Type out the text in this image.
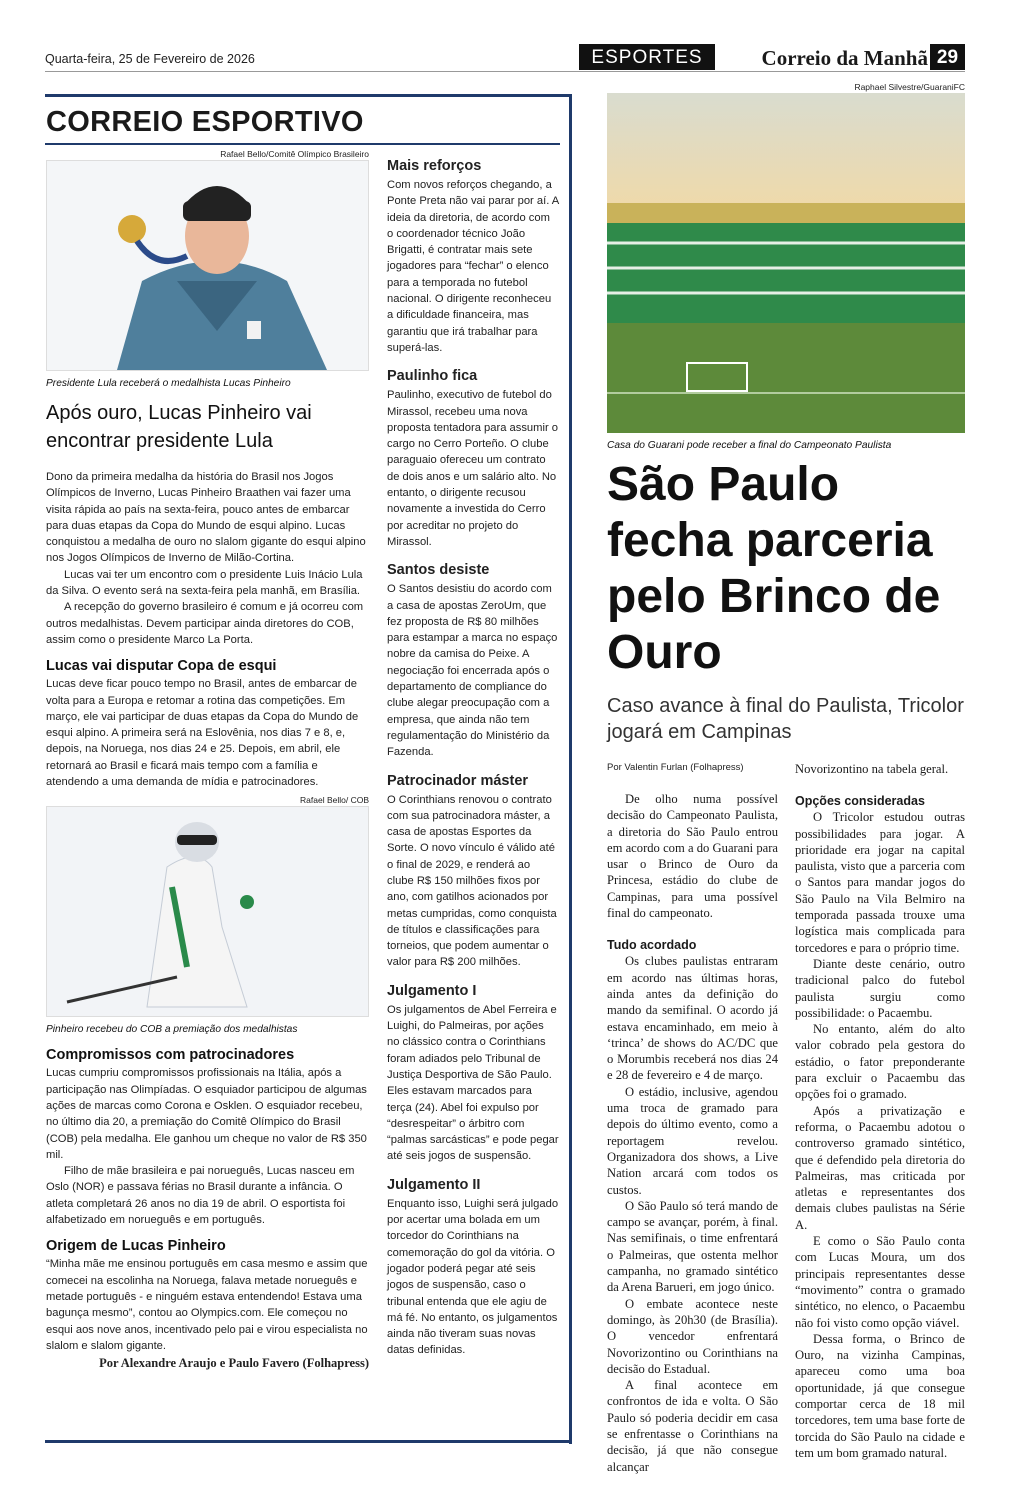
Quarta-feira, 25 de Fevereiro de 2026	ESPORTES	Correio da Manhã 29
CORREIO ESPORTIVO
Rafael Bello/Comitê Olímpico Brasileiro
Presidente Lula receberá o medalhista Lucas Pinheiro
Após ouro, Lucas Pinheiro vai encontrar presidente Lula

Dono da primeira medalha da história do Brasil nos Jogos Olímpicos de Inverno, Lucas Pinheiro Braathen vai fazer uma visita rápida ao país na sexta-feira, pouco antes de embarcar para duas etapas da Copa do Mundo de esqui alpino. Lucas conquistou a medalha de ouro no slalom gigante do esqui alpino nos Jogos Olímpicos de Inverno de Milão-Cortina.

Lucas vai ter um encontro com o presidente Luis Inácio Lula da Silva. O evento será na sexta-feira pela manhã, em Brasília.

A recepção do governo brasileiro é comum e já ocorreu com outros medalhistas. Devem participar ainda diretores do COB, assim como o presidente Marco La Porta.

Lucas vai disputar Copa de esqui

Lucas deve ficar pouco tempo no Brasil, antes de embarcar de volta para a Europa e retomar a rotina das competições. Em março, ele vai participar de duas etapas da Copa do Mundo de esqui alpino. A primeira será na Eslovênia, nos dias 7 e 8, e, depois, na Noruega, nos dias 24 e 25. Depois, em abril, ele retornará ao Brasil e ficará mais tempo com a família e atendendo a uma demanda de mídia e patrocinadores.

Rafael Bello/ COB
Pinheiro recebeu do COB a premiação dos medalhistas
Compromissos com patrocinadores

Lucas cumpriu compromissos profissionais na Itália, após a participação nas Olimpíadas. O esquiador participou de algumas ações de marcas como Corona e Osklen. O esquiador recebeu, no último dia 20, a premiação do Comitê Olímpico do Brasil (COB) pela medalha. Ele ganhou um cheque no valor de R$ 350 mil.

Filho de mãe brasileira e pai norueguês, Lucas nasceu em Oslo (NOR) e passava férias no Brasil durante a infância. O atleta completará 26 anos no dia 19 de abril. O esportista foi alfabetizado em norueguês e em português.

Origem de Lucas Pinheiro

“Minha mãe me ensinou português em casa mesmo e assim que comecei na escolinha na Noruega, falava metade norueguês e metade português - e ninguém estava entendendo! Estava uma bagunça mesmo”, contou ao Olympics.com. Ele começou no esqui aos nove anos, incentivado pelo pai e virou especialista no slalom e slalom gigante.

Por Alexandre Araujo e Paulo Favero (Folhapress)
Mais reforços

Com novos reforços chegando, a Ponte Preta não vai parar por aí. A ideia da diretoria, de acordo com o coordenador técnico João Brigatti, é contratar mais sete jogadores para “fechar” o elenco para a temporada no futebol nacional. O dirigente reconheceu a dificuldade financeira, mas garantiu que irá trabalhar para superá-las.

Paulinho fica

Paulinho, executivo de futebol do Mirassol, recebeu uma nova proposta tentadora para assumir o cargo no Cerro Porteño. O clube paraguaio ofereceu um contrato de dois anos e um salário alto. No entanto, o dirigente recusou novamente a investida do Cerro por acreditar no projeto do Mirassol.

Santos desiste

O Santos desistiu do acordo com a casa de apostas ZeroUm, que fez proposta de R$ 80 milhões para estampar a marca no espaço nobre da camisa do Peixe. A negociação foi encerrada após o departamento de compliance do clube alegar preocupação com a empresa, que ainda não tem regulamentação do Ministério da Fazenda.

Patrocinador máster

O Corinthians renovou o contrato com sua patrocinadora máster, a casa de apostas Esportes da Sorte. O novo vínculo é válido até o final de 2029, e renderá ao clube R$ 150 milhões fixos por ano, com gatilhos acionados por metas cumpridas, como conquista de títulos e classificações para torneios, que podem aumentar o valor para R$ 200 milhões.

Julgamento I

Os julgamentos de Abel Ferreira e Luighi, do Palmeiras, por ações no clássico contra o Corinthians foram adiados pelo Tribunal de Justiça Desportiva de São Paulo. Eles estavam marcados para terça (24). Abel foi expulso por “desrespeitar” o árbitro com “palmas sarcásticas” e pode pegar até seis jogos de suspensão.

Julgamento II

Enquanto isso, Luighi será julgado por acertar uma bolada em um torcedor do Corinthians na comemoração do gol da vitória. O jogador poderá pegar até seis jogos de suspensão, caso o tribunal entenda que ele agiu de má fé. No entanto, os julgamentos ainda não tiveram suas novas datas definidas.

Raphael Silvestre/GuaraniFC
Casa do Guarani pode receber a final do Campeonato Paulista
São Paulo fecha parceria pelo Brinco de Ouro
Caso avance à final do Paulista, Tricolor jogará em Campinas
Por Valentin Furlan (Folhapress)

De olho numa possível decisão do Campeonato Paulista, a diretoria do São Paulo entrou em acordo com a do Guarani para usar o Brinco de Ouro da Princesa, estádio do clube de Campinas, para uma possível final do campeonato.

Tudo acordado

Os clubes paulistas entraram em acordo nas últimas horas, ainda antes da definição do mando da semifinal. O acordo já estava encaminhado, em meio à ‘trinca’ de shows do AC/DC que o Morumbis receberá nos dias 24 e 28 de fevereiro e 4 de março.

O estádio, inclusive, agendou uma troca de gramado para depois do último evento, como a reportagem revelou. Organizadora dos shows, a Live Nation arcará com todos os custos.

O São Paulo só terá mando de campo se avançar, porém, à final. Nas semifinais, o time enfrentará o Palmeiras, que ostenta melhor campanha, no gramado sintético da Arena Barueri, em jogo único.

O embate acontece neste domingo, às 20h30 (de Brasília). O vencedor enfrentará Novorizontino ou Corinthians na decisão do Estadual.

A final acontece em confrontos de ida e volta. O São Paulo só poderia decidir em casa se enfrentasse o Corinthians na decisão, já que não consegue alcançar

Novorizontino na tabela geral.

Opções consideradas

O Tricolor estudou outras possibilidades para jogar. A prioridade era jogar na capital paulista, visto que a parceria com o Santos para mandar jogos do São Paulo na Vila Belmiro na temporada passada trouxe uma logística mais complicada para torcedores e para o próprio time.

Diante deste cenário, outro tradicional palco do futebol paulista surgiu como possibilidade: o Pacaembu.

No entanto, além do alto valor cobrado pela gestora do estádio, o fator preponderante para excluir o Pacaembu das opções foi o gramado.

Após a privatização e reforma, o Pacaembu adotou o controverso gramado sintético, que é defendido pela diretoria do Palmeiras, mas criticada por atletas e representantes dos demais clubes paulistas na Série A.

E como o São Paulo conta com Lucas Moura, um dos principais representantes desse “movimento” contra o gramado sintético, no elenco, o Pacaembu não foi visto como opção viável.

Dessa forma, o Brinco de Ouro, na vizinha Campinas, apareceu como uma boa oportunidade, já que consegue comportar cerca de 18 mil torcedores, tem uma base forte de torcida do São Paulo na cidade e tem um bom gramado natural.
